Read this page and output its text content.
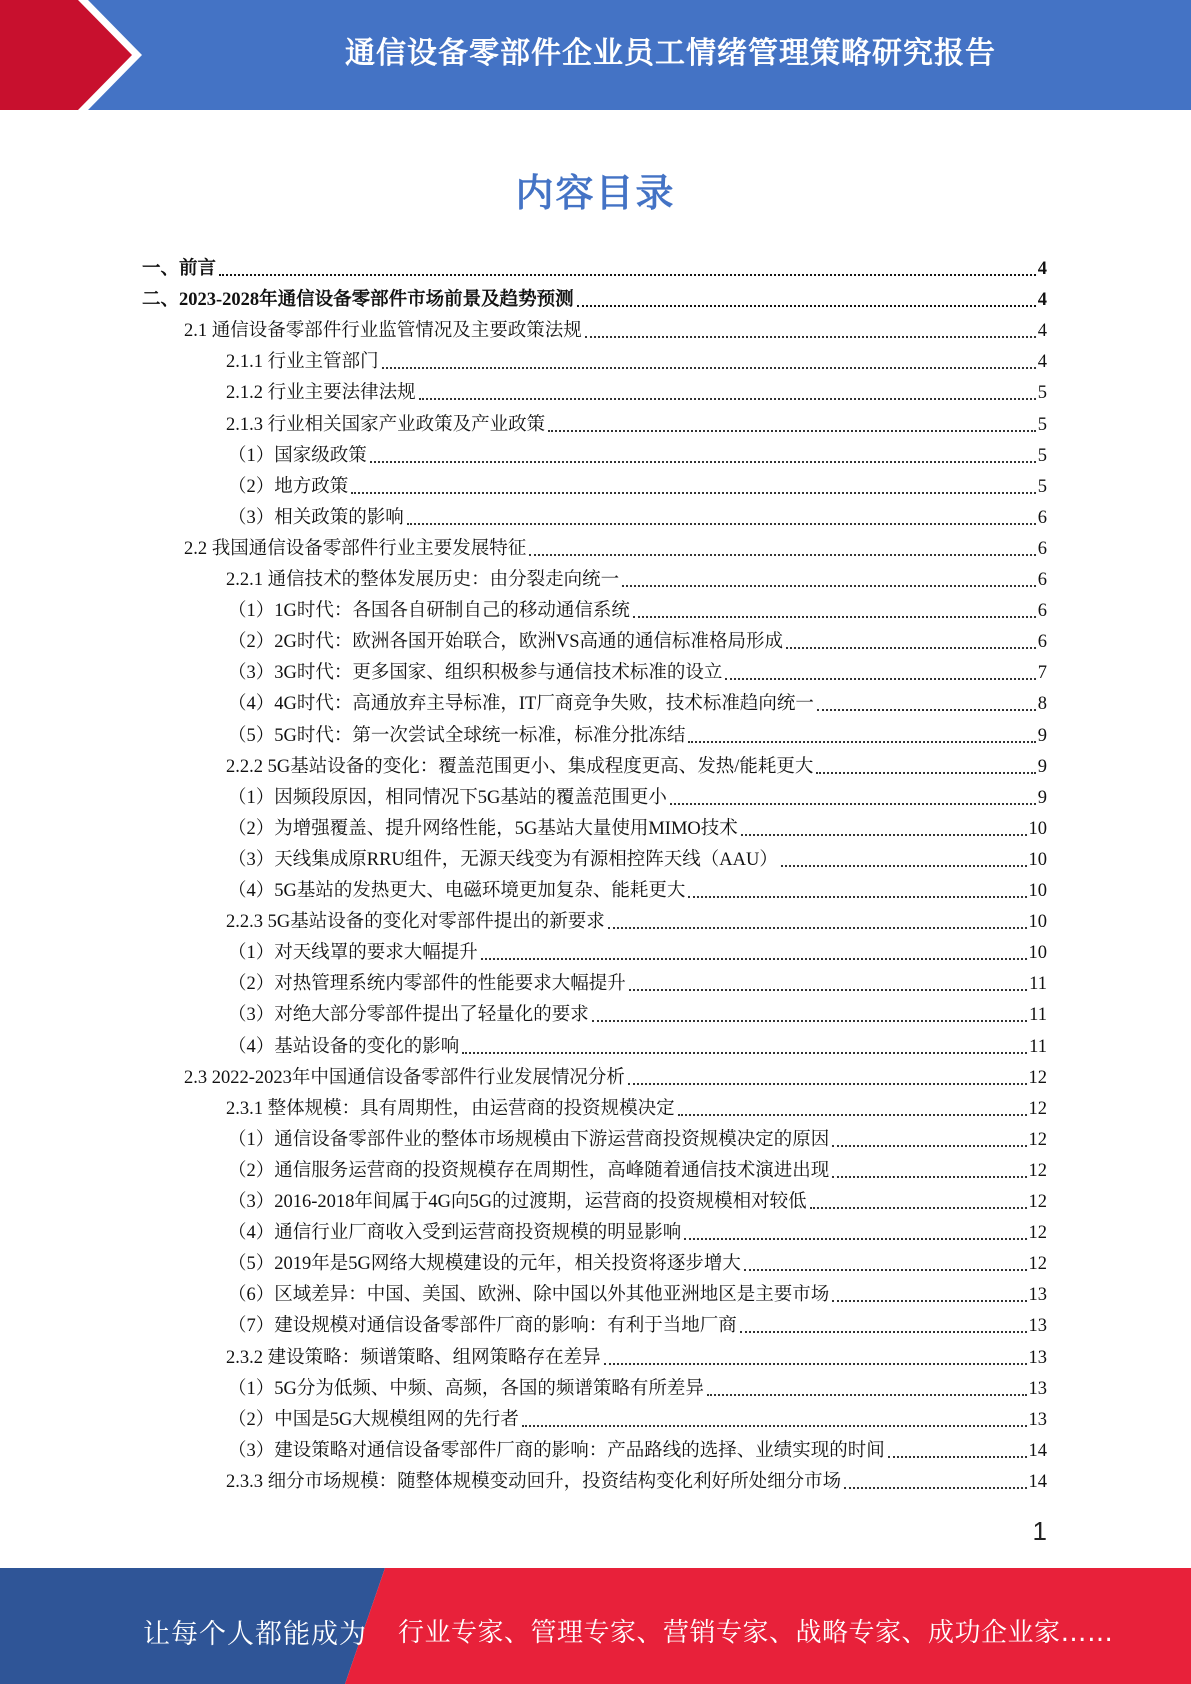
通信设备零部件企业员工情绪管理策略研究报告
内容目录
一、前言	4
二、2023-2028年通信设备零部件市场前景及趋势预测	4
2.1 通信设备零部件行业监管情况及主要政策法规	4
2.1.1 行业主管部门	4
2.1.2 行业主要法律法规	5
2.1.3 行业相关国家产业政策及产业政策	5
（1）国家级政策	5
（2）地方政策	5
（3）相关政策的影响	6
2.2 我国通信设备零部件行业主要发展特征	6
2.2.1 通信技术的整体发展历史：由分裂走向统一	6
（1）1G时代：各国各自研制自己的移动通信系统	6
（2）2G时代：欧洲各国开始联合，欧洲VS高通的通信标准格局形成	6
（3）3G时代：更多国家、组织积极参与通信技术标准的设立	7
（4）4G时代：高通放弃主导标准，IT厂商竞争失败，技术标准趋向统一	8
（5）5G时代：第一次尝试全球统一标准，标准分批冻结	9
2.2.2 5G基站设备的变化：覆盖范围更小、集成程度更高、发热/能耗更大	9
（1）因频段原因，相同情况下5G基站的覆盖范围更小	9
（2）为增强覆盖、提升网络性能，5G基站大量使用MIMO技术	10
（3）天线集成原RRU组件，无源天线变为有源相控阵天线（AAU）	10
（4）5G基站的发热更大、电磁环境更加复杂、能耗更大	10
2.2.3 5G基站设备的变化对零部件提出的新要求	10
（1）对天线罩的要求大幅提升	10
（2）对热管理系统内零部件的性能要求大幅提升	11
（3）对绝大部分零部件提出了轻量化的要求	11
（4）基站设备的变化的影响	11
2.3 2022-2023年中国通信设备零部件行业发展情况分析	12
2.3.1 整体规模：具有周期性，由运营商的投资规模决定	12
（1）通信设备零部件业的整体市场规模由下游运营商投资规模决定的原因	12
（2）通信服务运营商的投资规模存在周期性，高峰随着通信技术演进出现	12
（3）2016-2018年间属于4G向5G的过渡期，运营商的投资规模相对较低	12
（4）通信行业厂商收入受到运营商投资规模的明显影响	12
（5）2019年是5G网络大规模建设的元年，相关投资将逐步增大	12
（6）区域差异：中国、美国、欧洲、除中国以外其他亚洲地区是主要市场	13
（7）建设规模对通信设备零部件厂商的影响：有利于当地厂商	13
2.3.2 建设策略：频谱策略、组网策略存在差异	13
（1）5G分为低频、中频、高频，各国的频谱策略有所差异	13
（2）中国是5G大规模组网的先行者	13
（3）建设策略对通信设备零部件厂商的影响：产品路线的选择、业绩实现的时间	14
2.3.3 细分市场规模：随整体规模变动回升，投资结构变化利好所处细分市场	14
1
让每个人都能成为 行业专家、管理专家、营销专家、战略专家、成功企业家……
